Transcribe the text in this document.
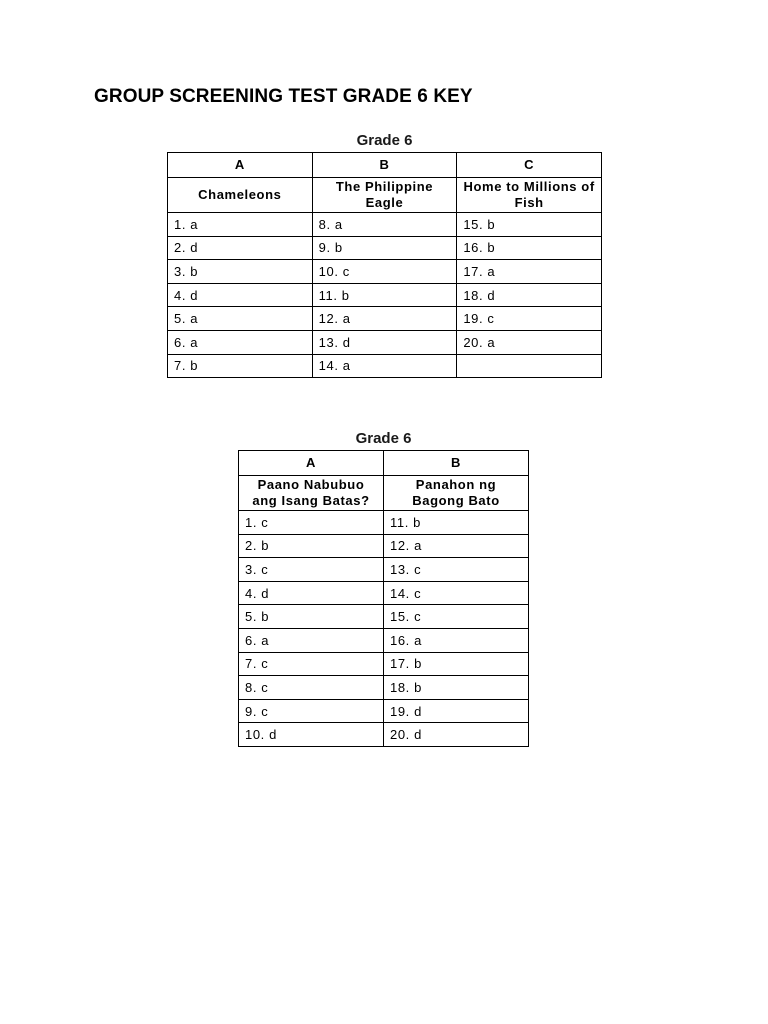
GROUP SCREENING TEST GRADE 6 KEY
Grade 6
A	B	C
Chameleons	The Philippine Eagle	Home to Millions of Fish
1. a	8. a	15. b
2. d	9. b	16. b
3. b	10. c	17. a
4. d	11. b	18. d
5. a	12. a	19. c
6. a	13. d	20. a
7. b	14. a	
Grade 6
A	B
Paano Nabubuo ang Isang Batas?	Panahon ng Bagong Bato
1. c	11. b
2. b	12. a
3. c	13. c
4. d	14. c
5. b	15. c
6. a	16. a
7. c	17. b
8. c	18. b
9. c	19. d
10. d	20. d
